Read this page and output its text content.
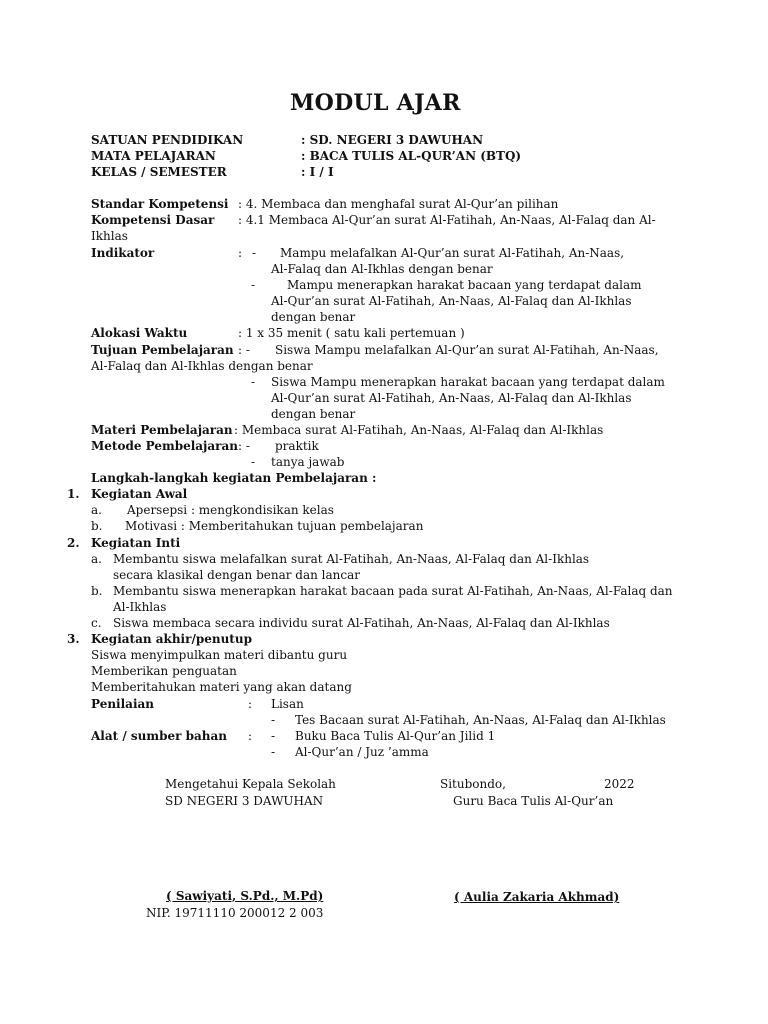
MODUL AJAR
SATUAN PENDIDIKAN	: SD. NEGERI 3 DAWUHAN
MATA PELAJARAN	: BACA TULIS AL-QUR’AN (BTQ)
KELAS / SEMESTER	: I / I
Standar Kompetensi : 4. Membaca dan menghafal surat Al-Qur’an pilihan
Kompetensi Dasar : 4.1 Membaca Al-Qur’an surat Al-Fatihah, An-Naas, Al-Falaq dan Al-
Ikhlas
Indikator	: - Mampu melafalkan Al-Qur’an surat Al-Fatihah, An-Naas,
Al-Falaq dan Al-Ikhlas dengan benar
-	Mampu menerapkan harakat bacaan yang terdapat dalam
Al-Qur’an surat Al-Fatihah, An-Naas, Al-Falaq dan Al-Ikhlas
dengan benar
Alokasi Waktu	: 1 x 35 menit ( satu kali pertemuan )
Tujuan Pembelajaran : - Siswa Mampu melafalkan Al-Qur’an surat Al-Fatihah, An-Naas,
Al-Falaq dan Al-Ikhlas dengan benar
- Siswa Mampu menerapkan harakat bacaan yang terdapat dalam
Al-Qur’an surat Al-Fatihah, An-Naas, Al-Falaq dan Al-Ikhlas
dengan benar
Materi Pembelajaran : Membaca surat Al-Fatihah, An-Naas, Al-Falaq dan Al-Ikhlas
Metode Pembelajaran : - praktik
- tanya jawab
Langkah-langkah kegiatan Pembelajaran :
1. Kegiatan Awal
a. Apersepsi : mengkondisikan kelas
b. Motivasi : Memberitahukan tujuan pembelajaran
2. Kegiatan Inti
a. Membantu siswa melafalkan surat Al-Fatihah, An-Naas, Al-Falaq dan Al-Ikhlas
secara klasikal dengan benar dan lancar
b. Membantu siswa menerapkan harakat bacaan pada surat Al-Fatihah, An-Naas, Al-Falaq dan
Al-Ikhlas
c. Siswa membaca secara individu surat Al-Fatihah, An-Naas, Al-Falaq dan Al-Ikhlas
3. Kegiatan akhir/penutup
Siswa menyimpulkan materi dibantu guru
Memberikan penguatan
Memberitahukan materi yang akan datang
Penilaian	: Lisan
- Tes Bacaan surat Al-Fatihah, An-Naas, Al-Falaq dan Al-Ikhlas
Alat / sumber bahan : - Buku Baca Tulis Al-Qur’an Jilid 1
- Al-Qur’an / Juz ’amma
Mengetahui Kepala Sekolah
SD NEGERI 3 DAWUHAN
Situbondo,	2022
Guru Baca Tulis Al-Qur’an
( Sawiyati, S.Pd., M.Pd)
NIP. 19711110 200012 2 003
( Aulia Zakaria Akhmad)
